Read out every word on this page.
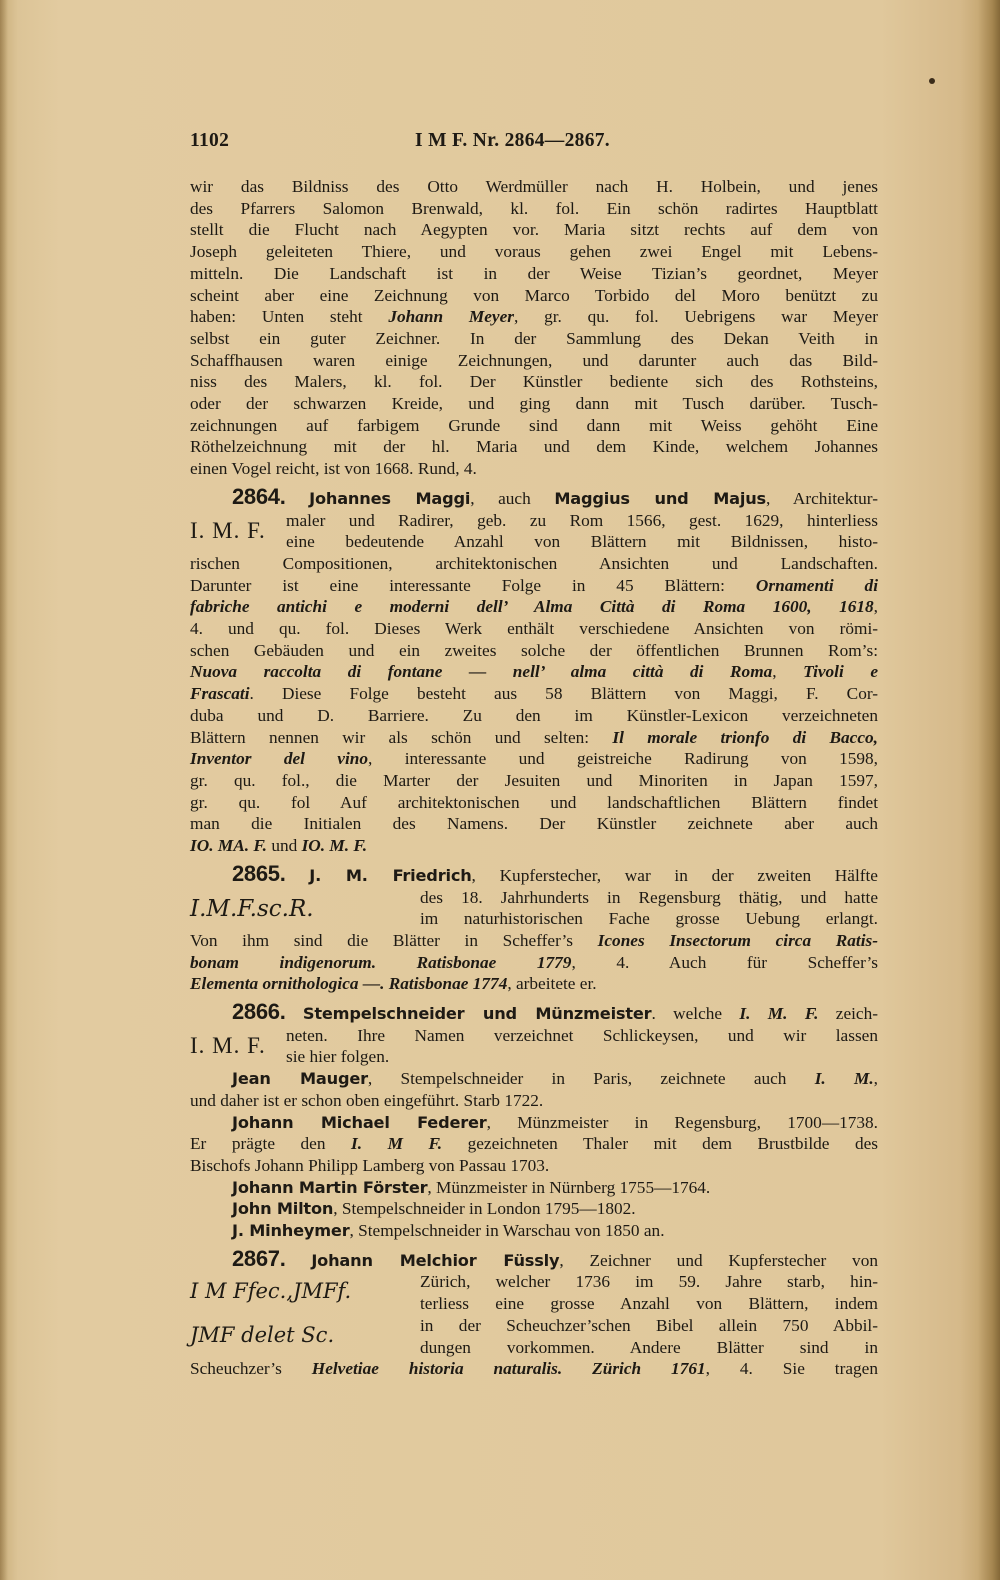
1102	I M F. Nr. 2864—2867.
wir das Bildniss des Otto Werdmüller nach H. Holbein, und jenes
des Pfarrers Salomon Brenwald, kl. fol. Ein schön radirtes Hauptblatt
stellt die Flucht nach Aegypten vor. Maria sitzt rechts auf dem von
Joseph geleiteten Thiere, und voraus gehen zwei Engel mit Lebens-
mitteln. Die Landschaft ist in der Weise Tizian’s geordnet, Meyer
scheint aber eine Zeichnung von Marco Torbido del Moro benützt zu
haben: Unten steht Johann Meyer, gr. qu. fol. Uebrigens war Meyer
selbst ein guter Zeichner. In der Sammlung des Dekan Veith in
Schaffhausen waren einige Zeichnungen, und darunter auch das Bild-
niss des Malers, kl. fol. Der Künstler bediente sich des Rothsteins,
oder der schwarzen Kreide, und ging dann mit Tusch darüber. Tusch-
zeichnungen auf farbigem Grunde sind dann mit Weiss gehöht Eine
Röthelzeichnung mit der hl. Maria und dem Kinde, welchem Johannes
einen Vogel reicht, ist von 1668. Rund, 4.
2864. Johannes Maggi, auch Maggius und Majus, Architektur-
I. M. F. maler und Radirer, geb. zu Rom 1566, gest. 1629, hinterliess
eine bedeutende Anzahl von Blättern mit Bildnissen, histo-
rischen Compositionen, architektonischen Ansichten und Landschaften.
Darunter ist eine interessante Folge in 45 Blättern: Ornamenti di
fabriche antichi e moderni dell’ Alma Città di Roma 1600, 1618,
4. und qu. fol. Dieses Werk enthält verschiedene Ansichten von römi-
schen Gebäuden und ein zweites solche der öffentlichen Brunnen Rom’s:
Nuova raccolta di fontane — nell’ alma città di Roma, Tivoli e
Frascati. Diese Folge besteht aus 58 Blättern von Maggi, F. Cor-
duba und D. Barriere. Zu den im Künstler-Lexicon verzeichneten
Blättern nennen wir als schön und selten: Il morale trionfo di Bacco,
Inventor del vino, interessante und geistreiche Radirung von 1598,
gr. qu. fol., die Marter der Jesuiten und Minoriten in Japan 1597,
gr. qu. fol Auf architektonischen und landschaftlichen Blättern findet
man die Initialen des Namens. Der Künstler zeichnete aber auch
IO. MA. F. und IO. M. F.
2865. J. M. Friedrich, Kupferstecher, war in der zweiten Hälfte
I.M.F.sc.R.	des 18. Jahrhunderts in Regensburg thätig, und hatte
im naturhistorischen Fache grosse Uebung erlangt.
Von ihm sind die Blätter in Scheffer’s Icones Insectorum circa Ratis-
bonam indigenorum. Ratisbonae 1779, 4. Auch für Scheffer’s
Elementa ornithologica —. Ratisbonae 1774, arbeitete er.
2866. Stempelschneider und Münzmeister. welche I. M. F. zeich-
I. M. F. neten. Ihre Namen verzeichnet Schlickeysen, und wir lassen
sie hier folgen.
Jean Mauger, Stempelschneider in Paris, zeichnete auch I. M.,
und daher ist er schon oben eingeführt. Starb 1722.
Johann Michael Federer, Münzmeister in Regensburg, 1700—1738.
Er prägte den I. M F. gezeichneten Thaler mit dem Brustbilde des
Bischofs Johann Philipp Lamberg von Passau 1703.
Johann Martin Förster, Münzmeister in Nürnberg 1755—1764.
John Milton, Stempelschneider in London 1795—1802.
J. Minheymer, Stempelschneider in Warschau von 1850 an.
2867. Johann Melchior Füssly, Zeichner und Kupferstecher von
I M Ffec.,JMFf.
JMF delet Sc.
Zürich, welcher 1736 im 59. Jahre starb, hin-
terliess eine grosse Anzahl von Blättern, indem
in der Scheuchzer’schen Bibel allein 750 Abbil-
dungen vorkommen. Andere Blätter sind in
Scheuchzer’s Helvetiae historia naturalis. Zürich 1761, 4. Sie tragen
